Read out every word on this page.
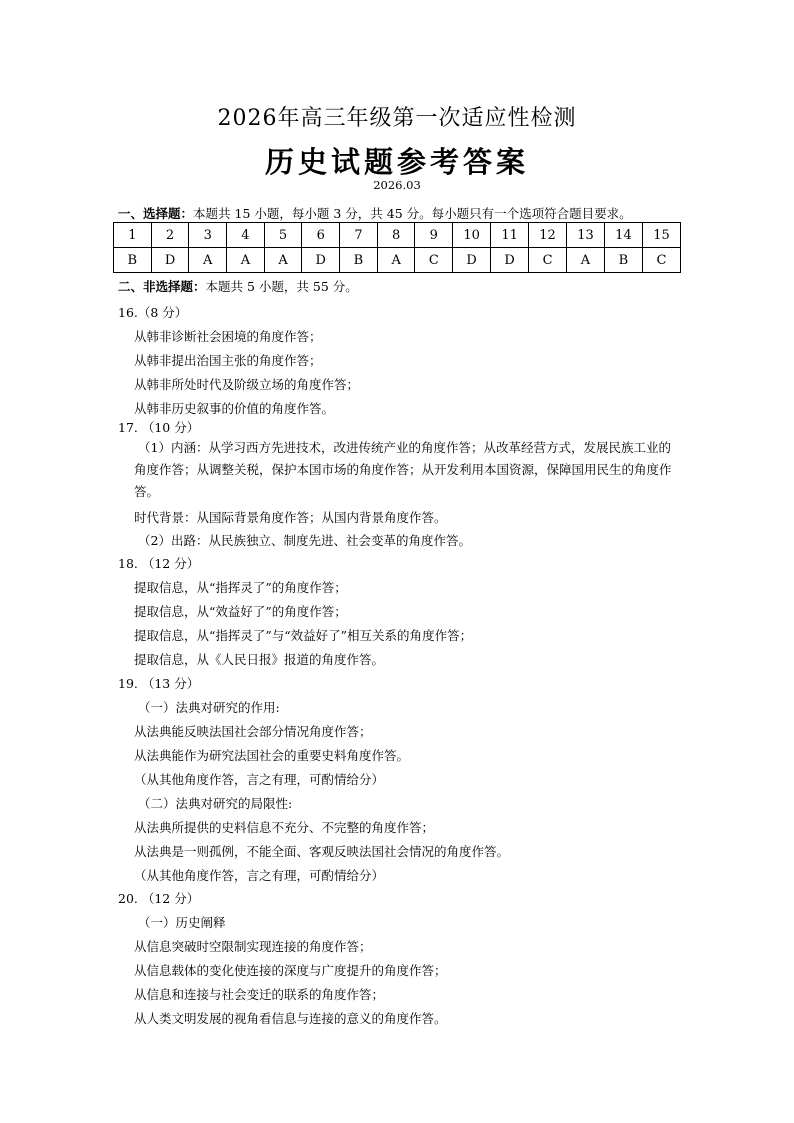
2026年高三年级第一次适应性检测
历史试题参考答案
2026.03
一、选择题：本题共 15 小题，每小题 3 分，共 45 分。每小题只有一个选项符合题目要求。
1	2	3	4	5	6	7	8	9	10	11	12	13	14	15
B	D	A	A	A	D	B	A	C	D	D	C	A	B	C
二、非选择题：本题共 5 小题，共 55 分。
16.（8 分）
从韩非诊断社会困境的角度作答；
从韩非提出治国主张的角度作答；
从韩非所处时代及阶级立场的角度作答；
从韩非历史叙事的价值的角度作答。
17. （10 分）
（1）内涵：从学习西方先进技术，改进传统产业的角度作答；从改革经营方式，发展民族工业的角度作答；从调整关税，保护本国市场的角度作答；从开发利用本国资源，保障国用民生的角度作答。
时代背景：从国际背景角度作答；从国内背景角度作答。
（2）出路：从民族独立、制度先进、社会变革的角度作答。
18. （12 分）
提取信息，从“指挥灵了”的角度作答；
提取信息，从“效益好了”的角度作答；
提取信息，从“指挥灵了”与“效益好了”相互关系的角度作答；
提取信息，从《人民日报》报道的角度作答。
19. （13 分）
（一）法典对研究的作用:
从法典能反映法国社会部分情况角度作答；
从法典能作为研究法国社会的重要史料角度作答。
（从其他角度作答，言之有理，可酌情给分）
（二）法典对研究的局限性:
从法典所提供的史料信息不充分、不完整的角度作答；
从法典是一则孤例，不能全面、客观反映法国社会情况的角度作答。
（从其他角度作答，言之有理，可酌情给分）
20. （12 分）
（一）历史阐释
从信息突破时空限制实现连接的角度作答；
从信息载体的变化使连接的深度与广度提升的角度作答；
从信息和连接与社会变迁的联系的角度作答；
从人类文明发展的视角看信息与连接的意义的角度作答。
